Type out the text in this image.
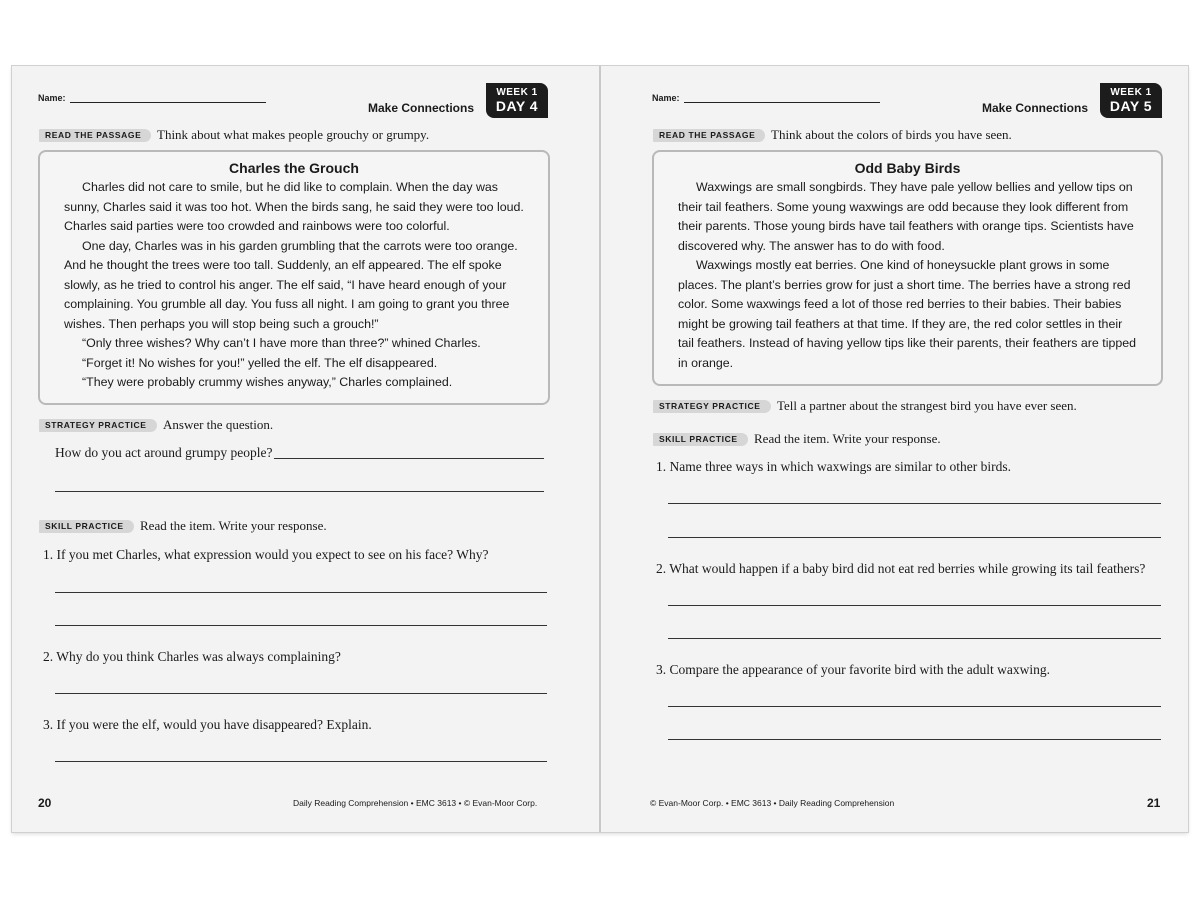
Name:
Make Connections
WEEK 1
DAY 4
READ THE PASSAGE	Think about what makes people grouchy or grumpy.
Charles the Grouch

Charles did not care to smile, but he did like to complain. When the day was sunny, Charles said it was too hot. When the birds sang, he said they were too loud. Charles said parties were too crowded and rainbows were too colorful.

One day, Charles was in his garden grumbling that the carrots were too orange. And he thought the trees were too tall. Suddenly, an elf appeared. The elf spoke slowly, as he tried to control his anger. The elf said, “I have heard enough of your complaining. You grumble all day. You fuss all night. I am going to grant you three wishes. Then perhaps you will stop being such a grouch!”

“Only three wishes? Why can’t I have more than three?” whined Charles.

“Forget it! No wishes for you!” yelled the elf. The elf disappeared.

“They were probably crummy wishes anyway,” Charles complained.

STRATEGY PRACTICE	Answer the question.
How do you act around grumpy people?
SKILL PRACTICE	Read the item. Write your response.
1. If you met Charles, what expression would you expect to see on his face? Why?
2. Why do you think Charles was always complaining?
3. If you were the elf, would you have disappeared? Explain.
20	Daily Reading Comprehension • EMC 3613 • © Evan-Moor Corp.
Name:
Make Connections
WEEK 1
DAY 5
READ THE PASSAGE	Think about the colors of birds you have seen.
Odd Baby Birds

Waxwings are small songbirds. They have pale yellow bellies and yellow tips on their tail feathers. Some young waxwings are odd because they look different from their parents. Those young birds have tail feathers with orange tips. Scientists have discovered why. The answer has to do with food.

Waxwings mostly eat berries. One kind of honeysuckle plant grows in some places. The plant’s berries grow for just a short time. The berries have a strong red color. Some waxwings feed a lot of those red berries to their babies. Their babies might be growing tail feathers at that time. If they are, the red color settles in their tail feathers. Instead of having yellow tips like their parents, their feathers are tipped in orange.

STRATEGY PRACTICE	Tell a partner about the strangest bird you have ever seen.
SKILL PRACTICE	Read the item. Write your response.
1. Name three ways in which waxwings are similar to other birds.
2. What would happen if a baby bird did not eat red berries while growing its tail feathers?
3. Compare the appearance of your favorite bird with the adult waxwing.
© Evan-Moor Corp. • EMC 3613 • Daily Reading Comprehension	21
